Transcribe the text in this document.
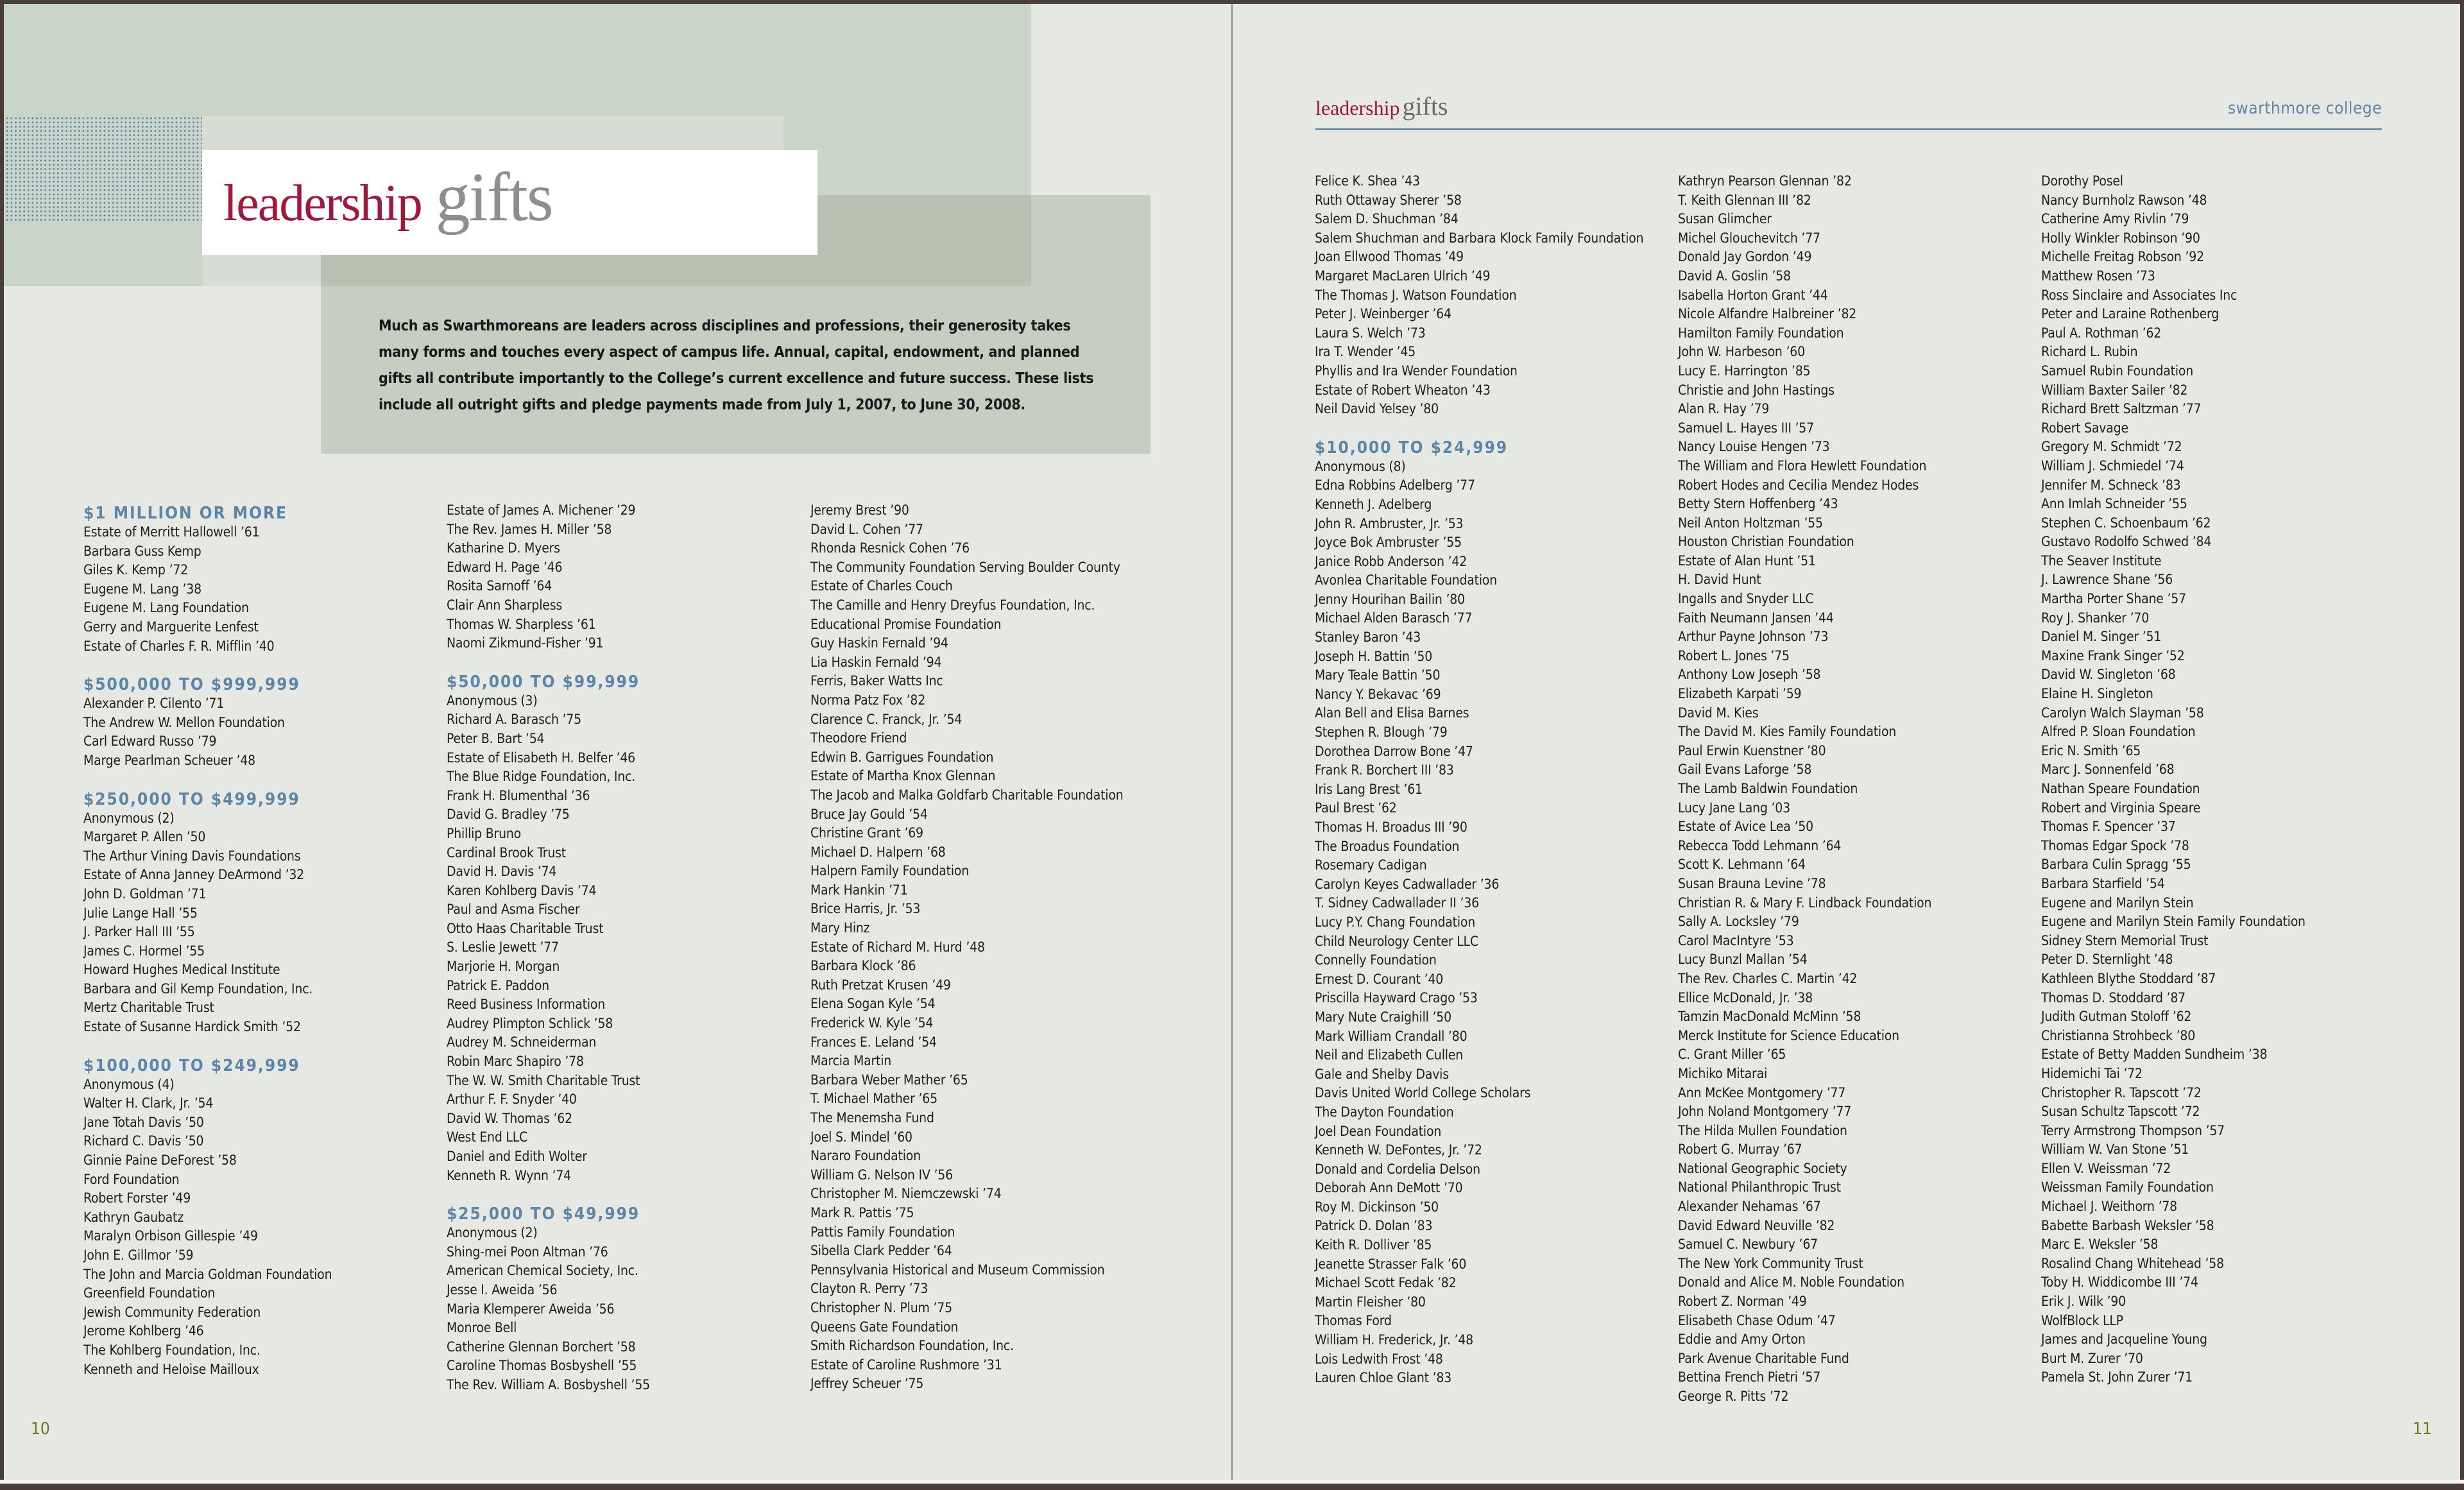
leadership gifts
Much as Swarthmoreans are leaders across disciplines and professions, their generosity takes many forms and touches every aspect of campus life. Annual, capital, endowment, and planned gifts all contribute importantly to the College’s current excellence and future success. These lists include all outright gifts and pledge payments made from July 1, 2007, to June 30, 2008.
$1 MILLION OR MORE
Estate of Merritt Hallowell ’61
Barbara Guss Kemp
Giles K. Kemp ’72
Eugene M. Lang ’38
Eugene M. Lang Foundation
Gerry and Marguerite Lenfest
Estate of Charles F. R. Mifflin ’40
$500,000 TO $999,999
Alexander P. Cilento ’71
The Andrew W. Mellon Foundation
Carl Edward Russo ’79
Marge Pearlman Scheuer ’48
$250,000 TO $499,999
Anonymous (2)
Margaret P. Allen ’50
The Arthur Vining Davis Foundations
Estate of Anna Janney DeArmond ’32
John D. Goldman ’71
Julie Lange Hall ’55
J. Parker Hall III ’55
James C. Hormel ’55
Howard Hughes Medical Institute
Barbara and Gil Kemp Foundation, Inc.
Mertz Charitable Trust
Estate of Susanne Hardick Smith ’52
$100,000 TO $249,999
Anonymous (4)
Walter H. Clark, Jr. ’54
Jane Totah Davis ’50
Richard C. Davis ’50
Ginnie Paine DeForest ’58
Ford Foundation
Robert Forster ’49
Kathryn Gaubatz
Maralyn Orbison Gillespie ’49
John E. Gillmor ’59
The John and Marcia Goldman Foundation
Greenfield Foundation
Jewish Community Federation
Jerome Kohlberg ’46
The Kohlberg Foundation, Inc.
Kenneth and Heloise Mailloux
Estate of James A. Michener ’29
The Rev. James H. Miller ’58
Katharine D. Myers
Edward H. Page ’46
Rosita Sarnoff ’64
Clair Ann Sharpless
Thomas W. Sharpless ’61
Naomi Zikmund-Fisher ’91
$50,000 TO $99,999
Anonymous (3)
Richard A. Barasch ’75
Peter B. Bart ’54
Estate of Elisabeth H. Belfer ’46
The Blue Ridge Foundation, Inc.
Frank H. Blumenthal ’36
David G. Bradley ’75
Phillip Bruno
Cardinal Brook Trust
David H. Davis ’74
Karen Kohlberg Davis ’74
Paul and Asma Fischer
Otto Haas Charitable Trust
S. Leslie Jewett ’77
Marjorie H. Morgan
Patrick E. Paddon
Reed Business Information
Audrey Plimpton Schlick ’58
Audrey M. Schneiderman
Robin Marc Shapiro ’78
The W. W. Smith Charitable Trust
Arthur F. F. Snyder ’40
David W. Thomas ’62
West End LLC
Daniel and Edith Wolter
Kenneth R. Wynn ’74
$25,000 TO $49,999
Anonymous (2)
Shing-mei Poon Altman ’76
American Chemical Society, Inc.
Jesse I. Aweida ’56
Maria Klemperer Aweida ’56
Monroe Bell
Catherine Glennan Borchert ’58
Caroline Thomas Bosbyshell ’55
The Rev. William A. Bosbyshell ’55
Jeremy Brest ’90
David L. Cohen ’77
Rhonda Resnick Cohen ’76
The Community Foundation Serving Boulder County
Estate of Charles Couch
The Camille and Henry Dreyfus Foundation, Inc.
Educational Promise Foundation
Guy Haskin Fernald ’94
Lia Haskin Fernald ’94
Ferris, Baker Watts Inc
Norma Patz Fox ’82
Clarence C. Franck, Jr. ’54
Theodore Friend
Edwin B. Garrigues Foundation
Estate of Martha Knox Glennan
The Jacob and Malka Goldfarb Charitable Foundation
Bruce Jay Gould ’54
Christine Grant ’69
Michael D. Halpern ’68
Halpern Family Foundation
Mark Hankin ’71
Brice Harris, Jr. ’53
Mary Hinz
Estate of Richard M. Hurd ’48
Barbara Klock ’86
Ruth Pretzat Krusen ’49
Elena Sogan Kyle ’54
Frederick W. Kyle ’54
Frances E. Leland ’54
Marcia Martin
Barbara Weber Mather ’65
T. Michael Mather ’65
The Menemsha Fund
Joel S. Mindel ’60
Nararo Foundation
William G. Nelson IV ’56
Christopher M. Niemczewski ’74
Mark R. Pattis ’75
Pattis Family Foundation
Sibella Clark Pedder ’64
Pennsylvania Historical and Museum Commission
Clayton R. Perry ’73
Christopher N. Plum ’75
Queens Gate Foundation
Smith Richardson Foundation, Inc.
Estate of Caroline Rushmore ’31
Jeffrey Scheuer ’75
10
leadership gifts	swarthmore college
Felice K. Shea ’43
Ruth Ottaway Sherer ’58
Salem D. Shuchman ’84
Salem Shuchman and Barbara Klock Family Foundation
Joan Ellwood Thomas ’49
Margaret MacLaren Ulrich ’49
The Thomas J. Watson Foundation
Peter J. Weinberger ’64
Laura S. Welch ’73
Ira T. Wender ’45
Phyllis and Ira Wender Foundation
Estate of Robert Wheaton ’43
Neil David Yelsey ’80
$10,000 TO $24,999
Anonymous (8)
Edna Robbins Adelberg ’77
Kenneth J. Adelberg
John R. Ambruster, Jr. ’53
Joyce Bok Ambruster ’55
Janice Robb Anderson ’42
Avonlea Charitable Foundation
Jenny Hourihan Bailin ’80
Michael Alden Barasch ’77
Stanley Baron ’43
Joseph H. Battin ’50
Mary Teale Battin ’50
Nancy Y. Bekavac ’69
Alan Bell and Elisa Barnes
Stephen R. Blough ’79
Dorothea Darrow Bone ’47
Frank R. Borchert III ’83
Iris Lang Brest ’61
Paul Brest ’62
Thomas H. Broadus III ’90
The Broadus Foundation
Rosemary Cadigan
Carolyn Keyes Cadwallader ’36
T. Sidney Cadwallader II ’36
Lucy P.Y. Chang Foundation
Child Neurology Center LLC
Connelly Foundation
Ernest D. Courant ’40
Priscilla Hayward Crago ’53
Mary Nute Craighill ’50
Mark William Crandall ’80
Neil and Elizabeth Cullen
Gale and Shelby Davis
Davis United World College Scholars
The Dayton Foundation
Joel Dean Foundation
Kenneth W. DeFontes, Jr. ’72
Donald and Cordelia Delson
Deborah Ann DeMott ’70
Roy M. Dickinson ’50
Patrick D. Dolan ’83
Keith R. Dolliver ’85
Jeanette Strasser Falk ’60
Michael Scott Fedak ’82
Martin Fleisher ’80
Thomas Ford
William H. Frederick, Jr. ’48
Lois Ledwith Frost ’48
Lauren Chloe Glant ’83
Kathryn Pearson Glennan ’82
T. Keith Glennan III ’82
Susan Glimcher
Michel Glouchevitch ’77
Donald Jay Gordon ’49
David A. Goslin ’58
Isabella Horton Grant ’44
Nicole Alfandre Halbreiner ’82
Hamilton Family Foundation
John W. Harbeson ’60
Lucy E. Harrington ’85
Christie and John Hastings
Alan R. Hay ’79
Samuel L. Hayes III ’57
Nancy Louise Hengen ’73
The William and Flora Hewlett Foundation
Robert Hodes and Cecilia Mendez Hodes
Betty Stern Hoffenberg ’43
Neil Anton Holtzman ’55
Houston Christian Foundation
Estate of Alan Hunt ’51
H. David Hunt
Ingalls and Snyder LLC
Faith Neumann Jansen ’44
Arthur Payne Johnson ’73
Robert L. Jones ’75
Anthony Low Joseph ’58
Elizabeth Karpati ’59
David M. Kies
The David M. Kies Family Foundation
Paul Erwin Kuenstner ’80
Gail Evans Laforge ’58
The Lamb Baldwin Foundation
Lucy Jane Lang ’03
Estate of Avice Lea ’50
Rebecca Todd Lehmann ’64
Scott K. Lehmann ’64
Susan Brauna Levine ’78
Christian R. & Mary F. Lindback Foundation
Sally A. Locksley ’79
Carol MacIntyre ’53
Lucy Bunzl Mallan ’54
The Rev. Charles C. Martin ’42
Ellice McDonald, Jr. ’38
Tamzin MacDonald McMinn ’58
Merck Institute for Science Education
C. Grant Miller ’65
Michiko Mitarai
Ann McKee Montgomery ’77
John Noland Montgomery ’77
The Hilda Mullen Foundation
Robert G. Murray ’67
National Geographic Society
National Philanthropic Trust
Alexander Nehamas ’67
David Edward Neuville ’82
Samuel C. Newbury ’67
The New York Community Trust
Donald and Alice M. Noble Foundation
Robert Z. Norman ’49
Elisabeth Chase Odum ’47
Eddie and Amy Orton
Park Avenue Charitable Fund
Bettina French Pietri ’57
George R. Pitts ’72
Dorothy Posel
Nancy Burnholz Rawson ’48
Catherine Amy Rivlin ’79
Holly Winkler Robinson ’90
Michelle Freitag Robson ’92
Matthew Rosen ’73
Ross Sinclaire and Associates Inc
Peter and Laraine Rothenberg
Paul A. Rothman ’62
Richard L. Rubin
Samuel Rubin Foundation
William Baxter Sailer ’82
Richard Brett Saltzman ’77
Robert Savage
Gregory M. Schmidt ’72
William J. Schmiedel ’74
Jennifer M. Schneck ’83
Ann Imlah Schneider ’55
Stephen C. Schoenbaum ’62
Gustavo Rodolfo Schwed ’84
The Seaver Institute
J. Lawrence Shane ’56
Martha Porter Shane ’57
Roy J. Shanker ’70
Daniel M. Singer ’51
Maxine Frank Singer ’52
David W. Singleton ’68
Elaine H. Singleton
Carolyn Walch Slayman ’58
Alfred P. Sloan Foundation
Eric N. Smith ’65
Marc J. Sonnenfeld ’68
Nathan Speare Foundation
Robert and Virginia Speare
Thomas F. Spencer ’37
Thomas Edgar Spock ’78
Barbara Culin Spragg ’55
Barbara Starfield ’54
Eugene and Marilyn Stein
Eugene and Marilyn Stein Family Foundation
Sidney Stern Memorial Trust
Peter D. Sternlight ’48
Kathleen Blythe Stoddard ’87
Thomas D. Stoddard ’87
Judith Gutman Stoloff ’62
Christianna Strohbeck ’80
Estate of Betty Madden Sundheim ’38
Hidemichi Tai ’72
Christopher R. Tapscott ’72
Susan Schultz Tapscott ’72
Terry Armstrong Thompson ’57
William W. Van Stone ’51
Ellen V. Weissman ’72
Weissman Family Foundation
Michael J. Weithorn ’78
Babette Barbash Weksler ’58
Marc E. Weksler ’58
Rosalind Chang Whitehead ’58
Toby H. Widdicombe III ’74
Erik J. Wilk ’90
WolfBlock LLP
James and Jacqueline Young
Burt M. Zurer ’70
Pamela St. John Zurer ’71
11
